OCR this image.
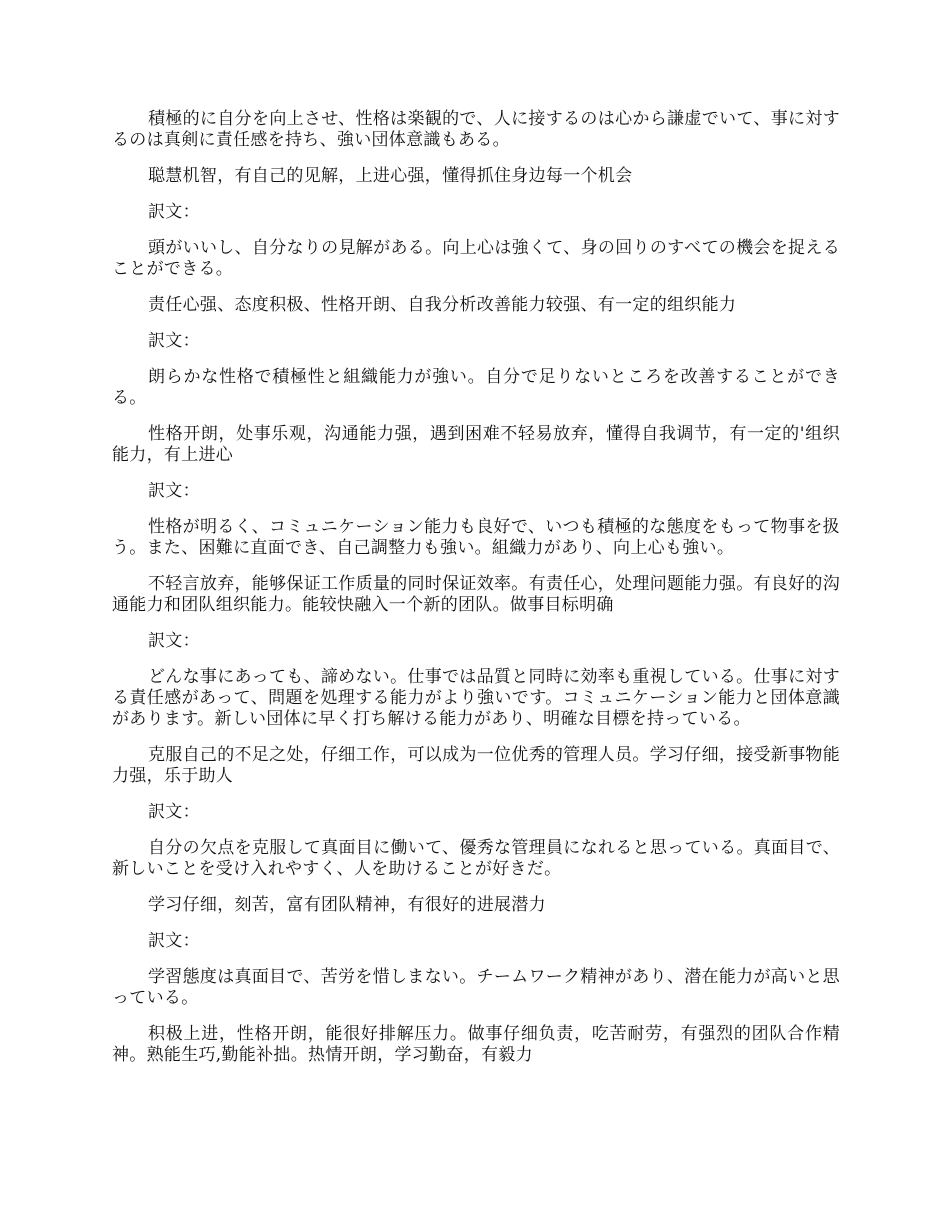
積極的に自分を向上させ、性格は楽観的で、人に接するのは心から謙虚でいて、事に対するのは真剣に責任感を持ち、強い団体意識もある。

聪慧机智，有自己的见解，上进心强，懂得抓住身边每一个机会

訳文：

頭がいいし、自分なりの見解がある。向上心は強くて、身の回りのすべての機会を捉えることができる。

责任心强、态度积极、性格开朗、自我分析改善能力较强、有一定的组织能力

訳文：

朗らかな性格で積極性と組織能力が強い。自分で足りないところを改善することができる。

性格开朗，处事乐观，沟通能力强，遇到困难不轻易放弃，懂得自我调节，有一定的'组织能力，有上进心

訳文：

性格が明るく、コミュニケーション能力も良好で、いつも積極的な態度をもって物事を扱う。また、困難に直面でき、自己調整力も強い。組織力があり、向上心も強い。

不轻言放弃，能够保证工作质量的同时保证效率。有责任心，处理问题能力强。有良好的沟通能力和团队组织能力。能较快融入一个新的团队。做事目标明确

訳文：

どんな事にあっても、諦めない。仕事では品質と同時に効率も重視している。仕事に対する責任感があって、問題を処理する能力がより強いです。コミュニケーション能力と団体意識があります。新しい団体に早く打ち解ける能力があり、明確な目標を持っている。

克服自己的不足之处，仔细工作，可以成为一位优秀的管理人员。学习仔细，接受新事物能力强，乐于助人

訳文：

自分の欠点を克服して真面目に働いて、優秀な管理員になれると思っている。真面目で、新しいことを受け入れやすく、人を助けることが好きだ。

学习仔细，刻苦，富有团队精神，有很好的进展潜力

訳文：

学習態度は真面目で、苦労を惜しまない。チームワーク精神があり、潜在能力が高いと思っている。

积极上进，性格开朗，能很好排解压力。做事仔细负责，吃苦耐劳，有强烈的团队合作精神。熟能生巧,勤能补拙。热情开朗，学习勤奋，有毅力
